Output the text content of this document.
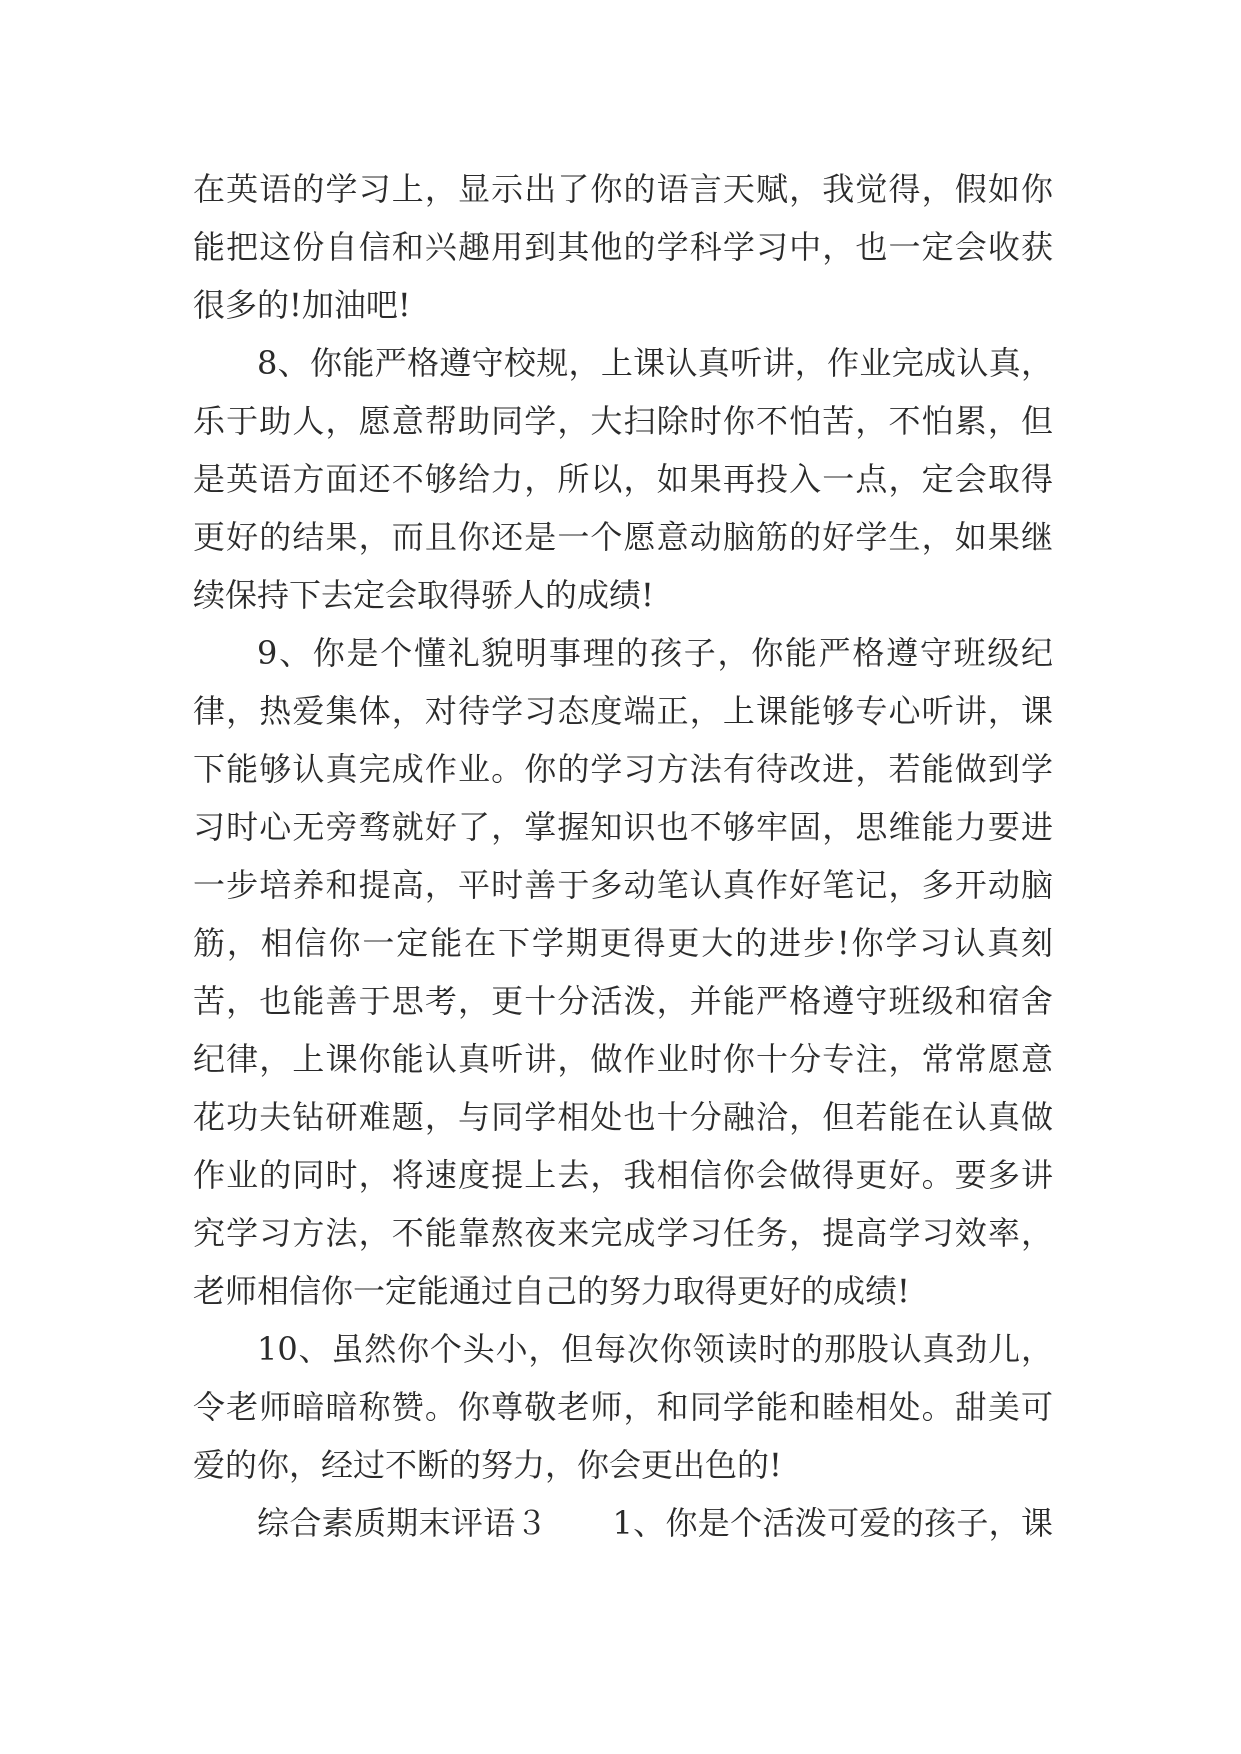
在英语的学习上，显示出了你的语言天赋，我觉得，假如你
能把这份自信和兴趣用到其他的学科学习中，也一定会收获
很多的!加油吧!
8、你能严格遵守校规，上课认真听讲，作业完成认真，
乐于助人，愿意帮助同学，大扫除时你不怕苦，不怕累，但
是英语方面还不够给力，所以，如果再投入一点，定会取得
更好的结果，而且你还是一个愿意动脑筋的好学生，如果继
续保持下去定会取得骄人的成绩!
9、你是个懂礼貌明事理的孩子，你能严格遵守班级纪
律，热爱集体，对待学习态度端正，上课能够专心听讲，课
下能够认真完成作业。你的学习方法有待改进，若能做到学
习时心无旁骛就好了，掌握知识也不够牢固，思维能力要进
一步培养和提高，平时善于多动笔认真作好笔记，多开动脑
筋，相信你一定能在下学期更得更大的进步!你学习认真刻
苦，也能善于思考，更十分活泼，并能严格遵守班级和宿舍
纪律，上课你能认真听讲，做作业时你十分专注，常常愿意
花功夫钻研难题，与同学相处也十分融洽，但若能在认真做
作业的同时，将速度提上去，我相信你会做得更好。要多讲
究学习方法，不能靠熬夜来完成学习任务，提高学习效率，
老师相信你一定能通过自己的努力取得更好的成绩!
10、虽然你个头小，但每次你领读时的那股认真劲儿，
令老师暗暗称赞。你尊敬老师，和同学能和睦相处。甜美可
爱的你，经过不断的努力，你会更出色的!
综合素质期末评语３　　1、你是个活泼可爱的孩子，课
